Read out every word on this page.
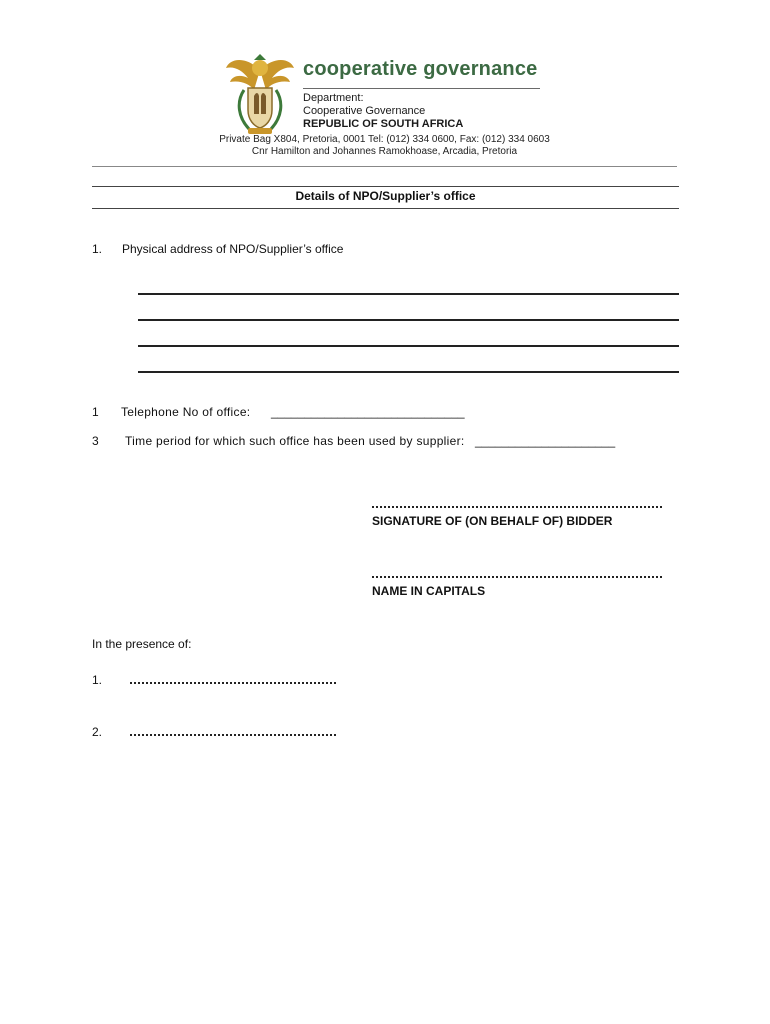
cooperative governance
Department:
Cooperative Governance
REPUBLIC OF SOUTH AFRICA
Private Bag X804, Pretoria, 0001 Tel: (012) 334 0600, Fax: (012) 334 0603
Cnr Hamilton and Johannes Ramokhoase, Arcadia, Pretoria
Details of NPO/Supplier’s office
1. Physical address of NPO/Supplier’s office
1 Telephone No of office: _____________________________
3 Time period for which such office has been used by supplier: _____________________
SIGNATURE OF (ON BEHALF OF) BIDDER
NAME IN CAPITALS
In the presence of:
1.
2.
